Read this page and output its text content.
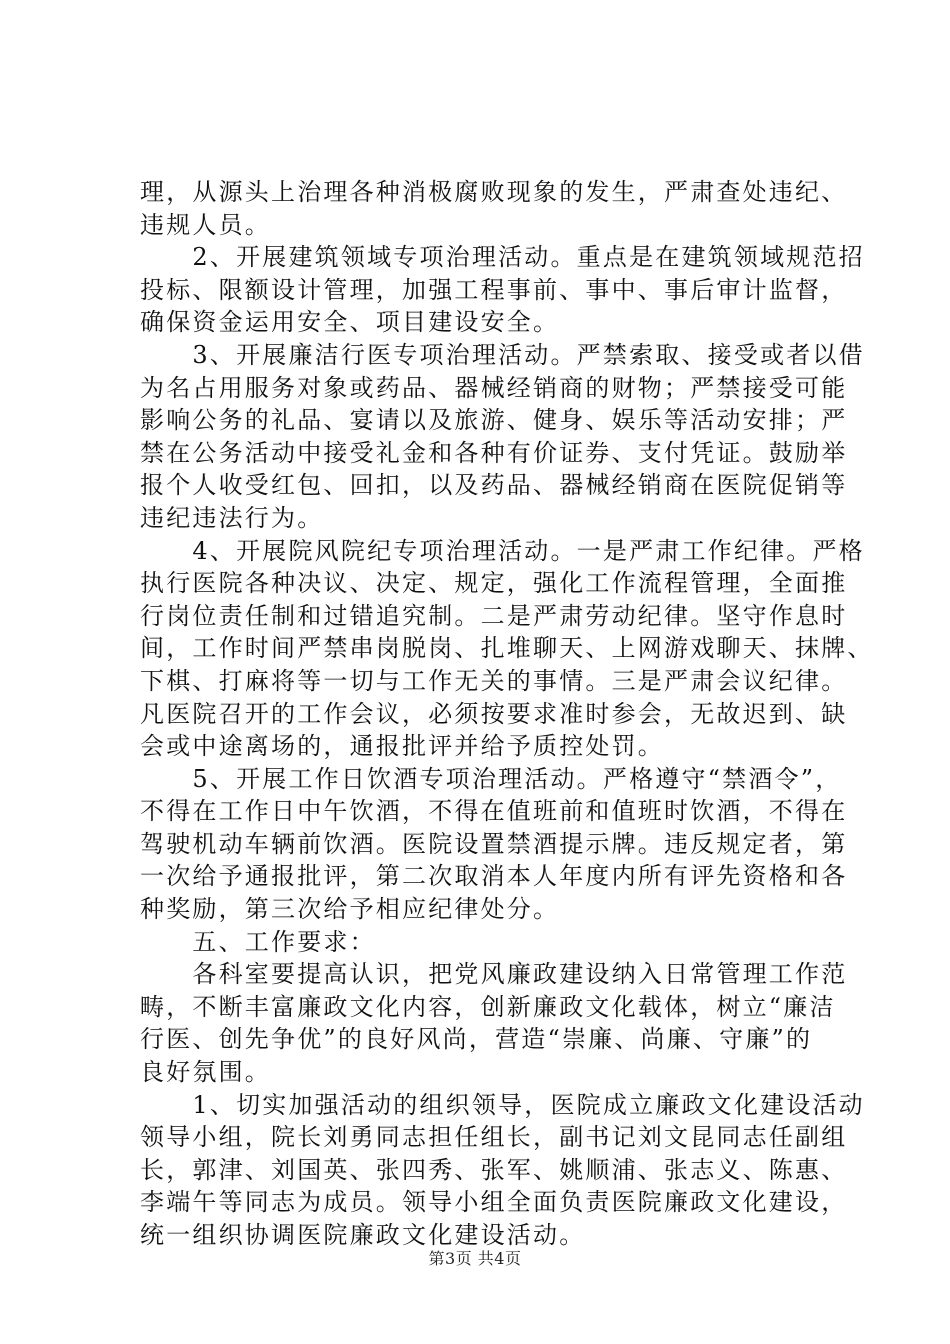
理，从源头上治理各种消极腐败现象的发生，严肃查处违纪、
违规人员。
　　2、开展建筑领域专项治理活动。重点是在建筑领域规范招
投标、限额设计管理，加强工程事前、事中、事后审计监督，
确保资金运用安全、项目建设安全。
　　3、开展廉洁行医专项治理活动。严禁索取、接受或者以借
为名占用服务对象或药品、器械经销商的财物；严禁接受可能
影响公务的礼品、宴请以及旅游、健身、娱乐等活动安排；严
禁在公务活动中接受礼金和各种有价证券、支付凭证。鼓励举
报个人收受红包、回扣，以及药品、器械经销商在医院促销等
违纪违法行为。
　　4、开展院风院纪专项治理活动。一是严肃工作纪律。严格
执行医院各种决议、决定、规定，强化工作流程管理，全面推
行岗位责任制和过错追究制。二是严肃劳动纪律。坚守作息时
间，工作时间严禁串岗脱岗、扎堆聊天、上网游戏聊天、抹牌、
下棋、打麻将等一切与工作无关的事情。三是严肃会议纪律。
凡医院召开的工作会议，必须按要求准时参会，无故迟到、缺
会或中途离场的，通报批评并给予质控处罚。
　　5、开展工作日饮酒专项治理活动。严格遵守“禁酒令”，
不得在工作日中午饮酒，不得在值班前和值班时饮酒，不得在
驾驶机动车辆前饮酒。医院设置禁酒提示牌。违反规定者，第
一次给予通报批评，第二次取消本人年度内所有评先资格和各
种奖励，第三次给予相应纪律处分。
　　五、工作要求：
　　各科室要提高认识，把党风廉政建设纳入日常管理工作范
畴，不断丰富廉政文化内容，创新廉政文化载体，树立“廉洁
行医、创先争优”的良好风尚，营造“崇廉、尚廉、守廉”的
良好氛围。
　　1、切实加强活动的组织领导，医院成立廉政文化建设活动
领导小组，院长刘勇同志担任组长，副书记刘文昆同志任副组
长，郭津、刘国英、张四秀、张军、姚顺浦、张志义、陈惠、
李端午等同志为成员。领导小组全面负责医院廉政文化建设，
统一组织协调医院廉政文化建设活动。
第3页 共4页
